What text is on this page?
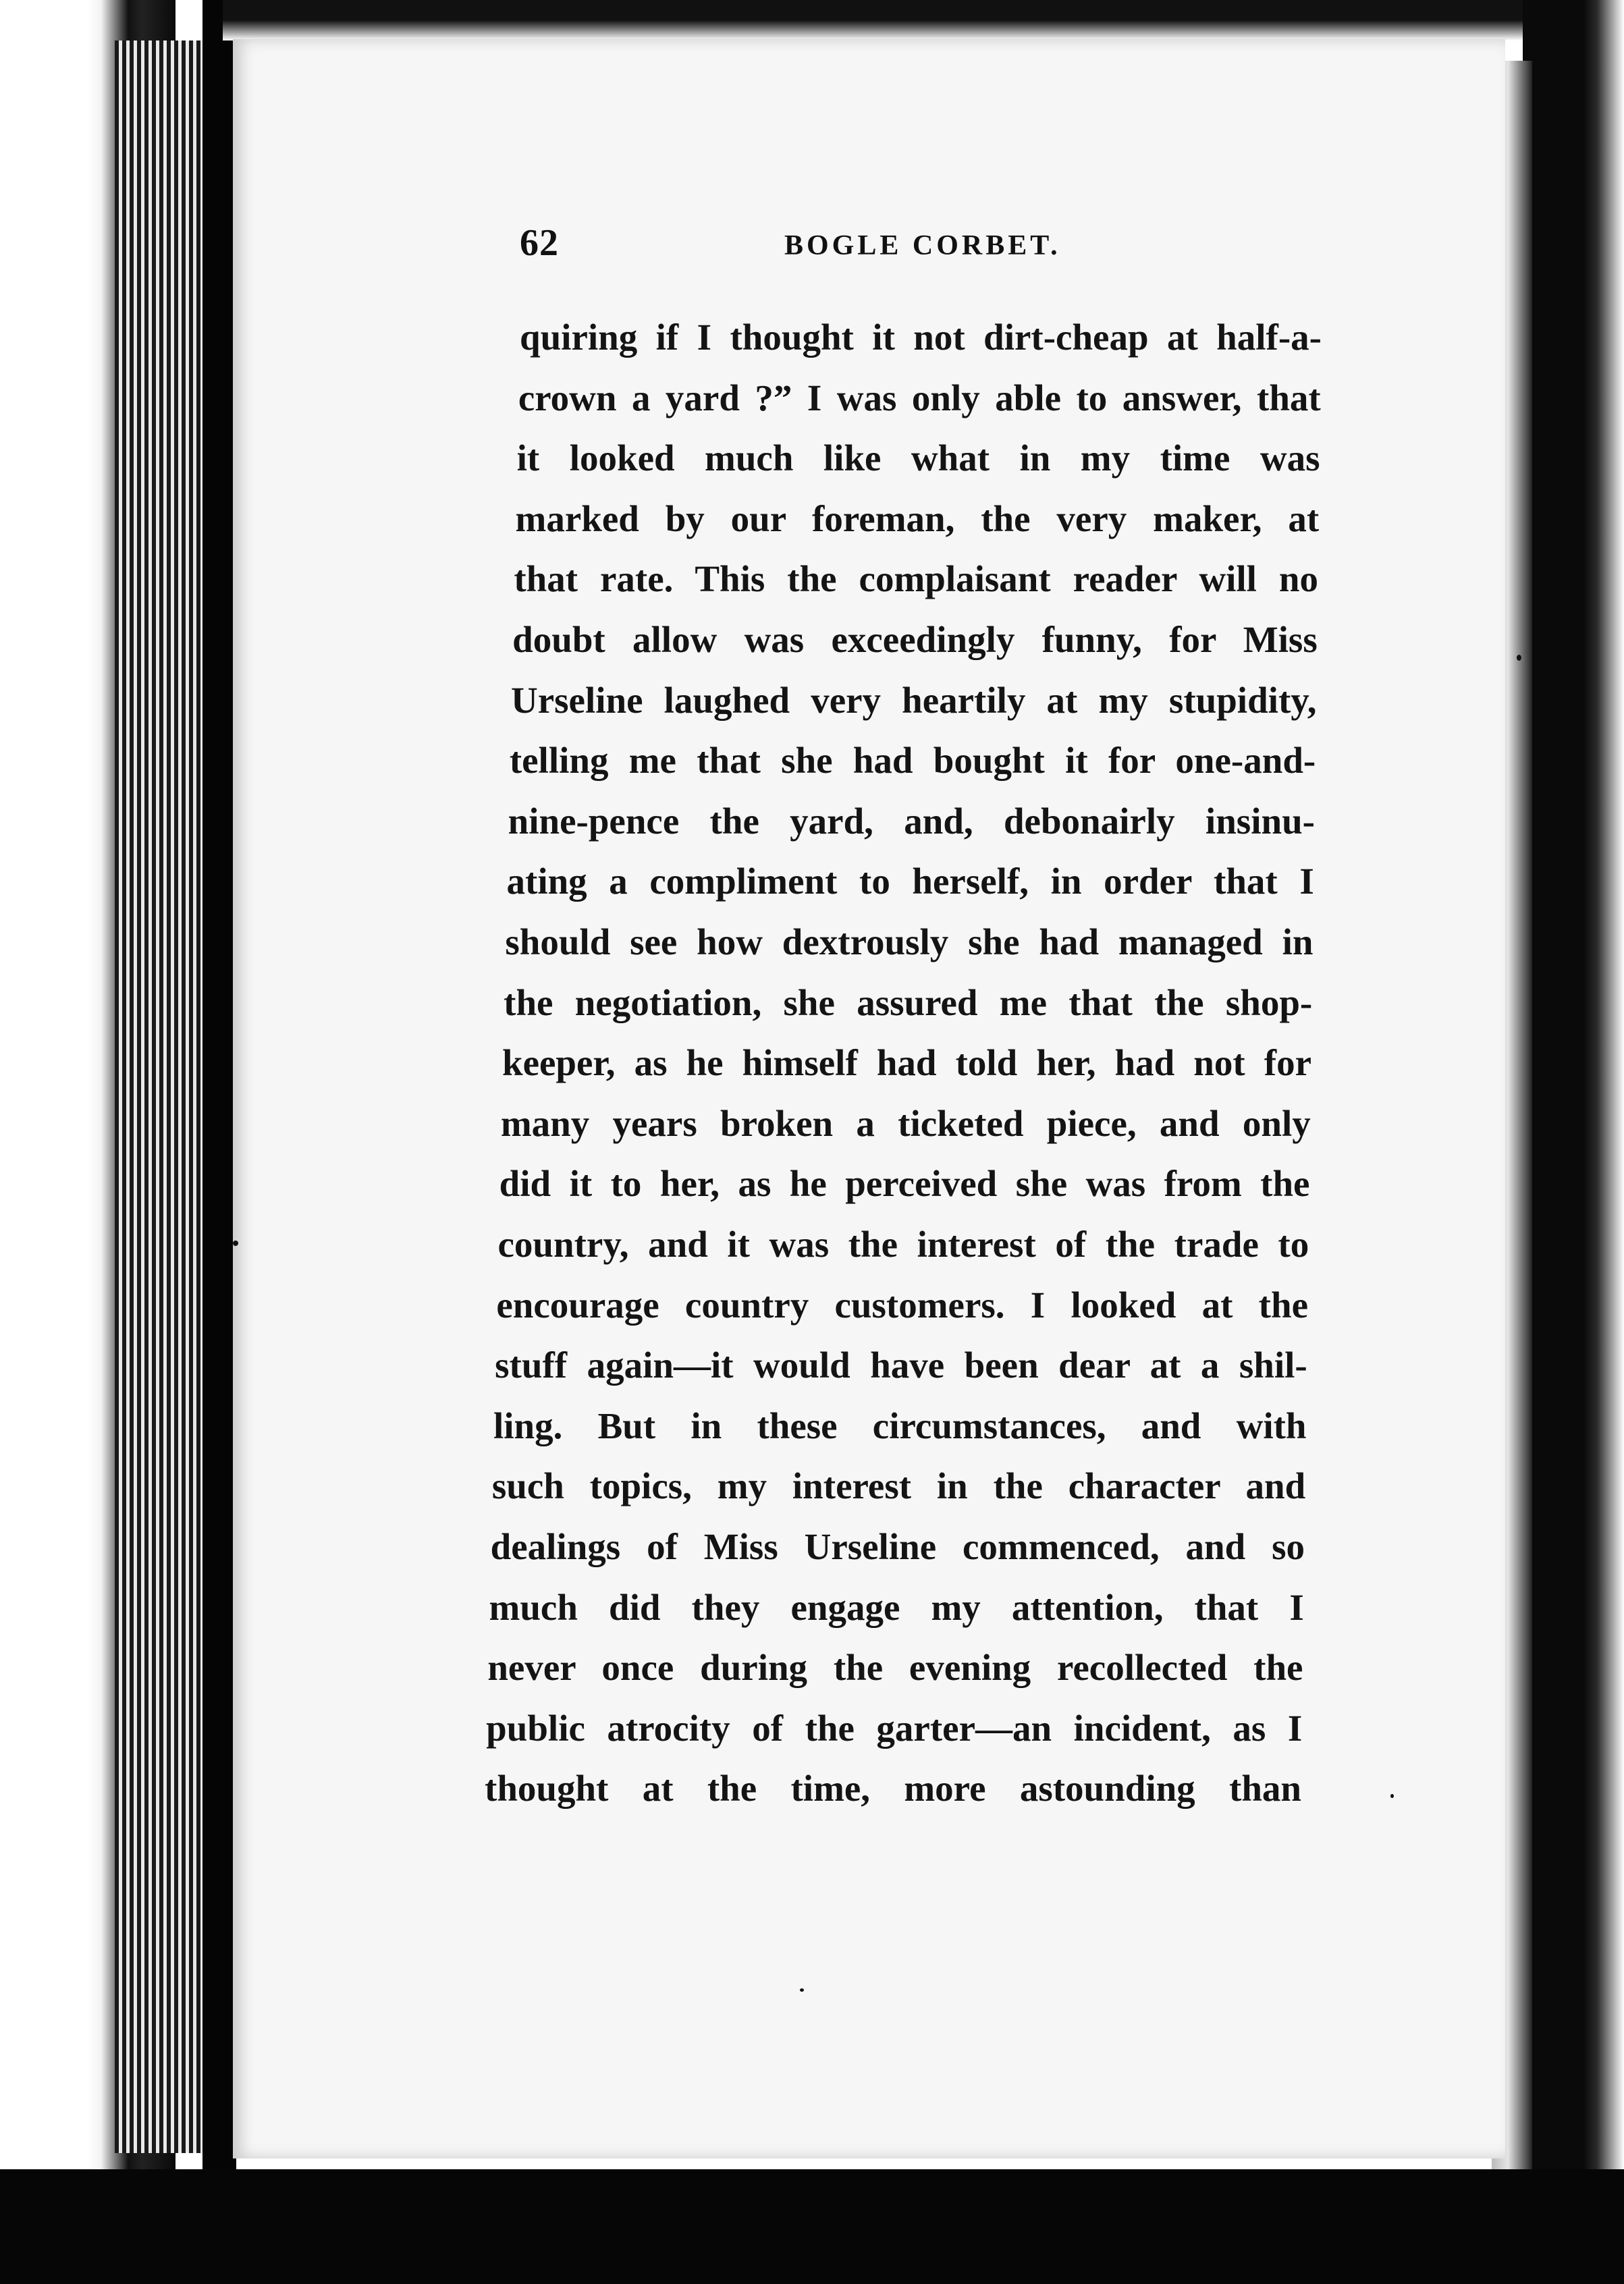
62	BOGLE CORBET.
quiring if I thought it not dirt-cheap at half-a-
crown a yard ?” I was only able to answer, that
it looked much like what in my time was
marked by our foreman, the very maker, at
that rate. This the complaisant reader will no
doubt allow was exceedingly funny, for Miss
Urseline laughed very heartily at my stupidity,
telling me that she had bought it for one-and-
nine-pence the yard, and, debonairly insinu-
ating a compliment to herself, in order that I
should see how dextrously she had managed in
the negotiation, she assured me that the shop-
keeper, as he himself had told her, had not for
many years broken a ticketed piece, and only
did it to her, as he perceived she was from the
country, and it was the interest of the trade to
encourage country customers. I looked at the
stuff again—it would have been dear at a shil-
ling. But in these circumstances, and with
such topics, my interest in the character and
dealings of Miss Urseline commenced, and so
much did they engage my attention, that I
never once during the evening recollected the
public atrocity of the garter—an incident, as I
thought at the time, more astounding than
